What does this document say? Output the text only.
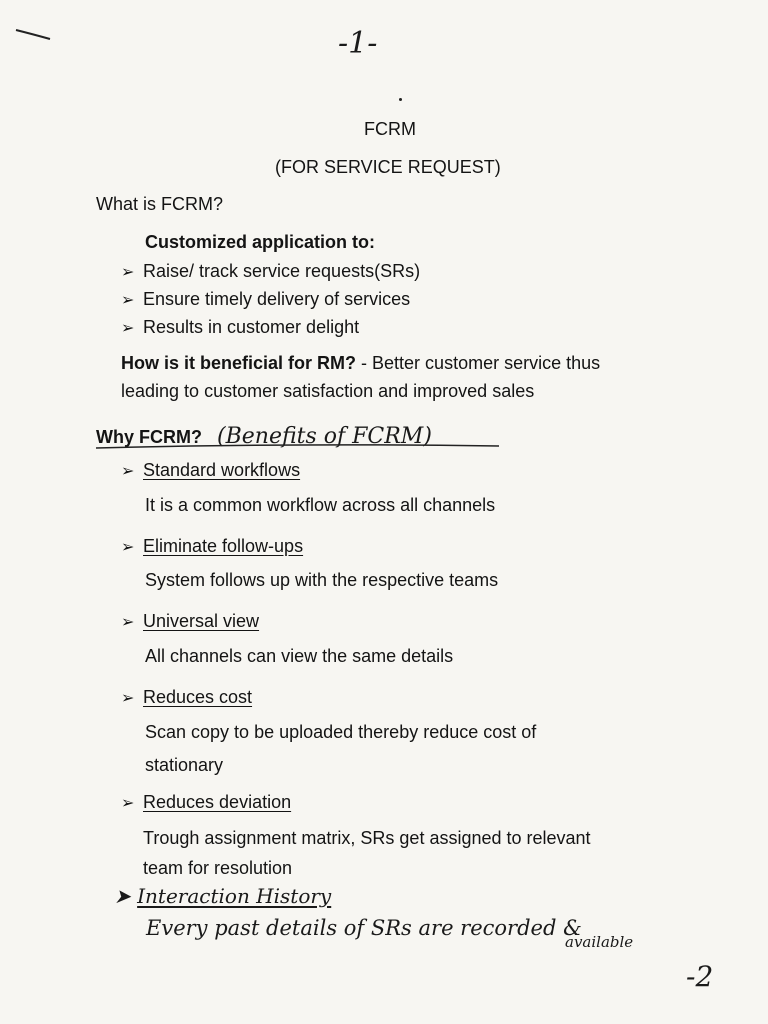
-1-
FCRM
(FOR SERVICE REQUEST)
What is FCRM?
Customized application to:
➢ Raise/ track service requests(SRs)
➢ Ensure timely delivery of services
➢ Results in customer delight
How is it beneficial for RM? - Better customer service thus
leading to customer satisfaction and improved sales
Why FCRM? (Benefits of FCRM)
➢ Standard workflows
It is a common workflow across all channels
➢ Eliminate follow-ups
System follows up with the respective teams
➢ Universal view
All channels can view the same details
➢ Reduces cost
Scan copy to be uploaded thereby reduce cost of
stationary
➢ Reduces deviation
Trough assignment matrix, SRs get assigned to relevant
team for resolution
➤ Interaction History
Every past details of SRs are recorded &
available
-2
